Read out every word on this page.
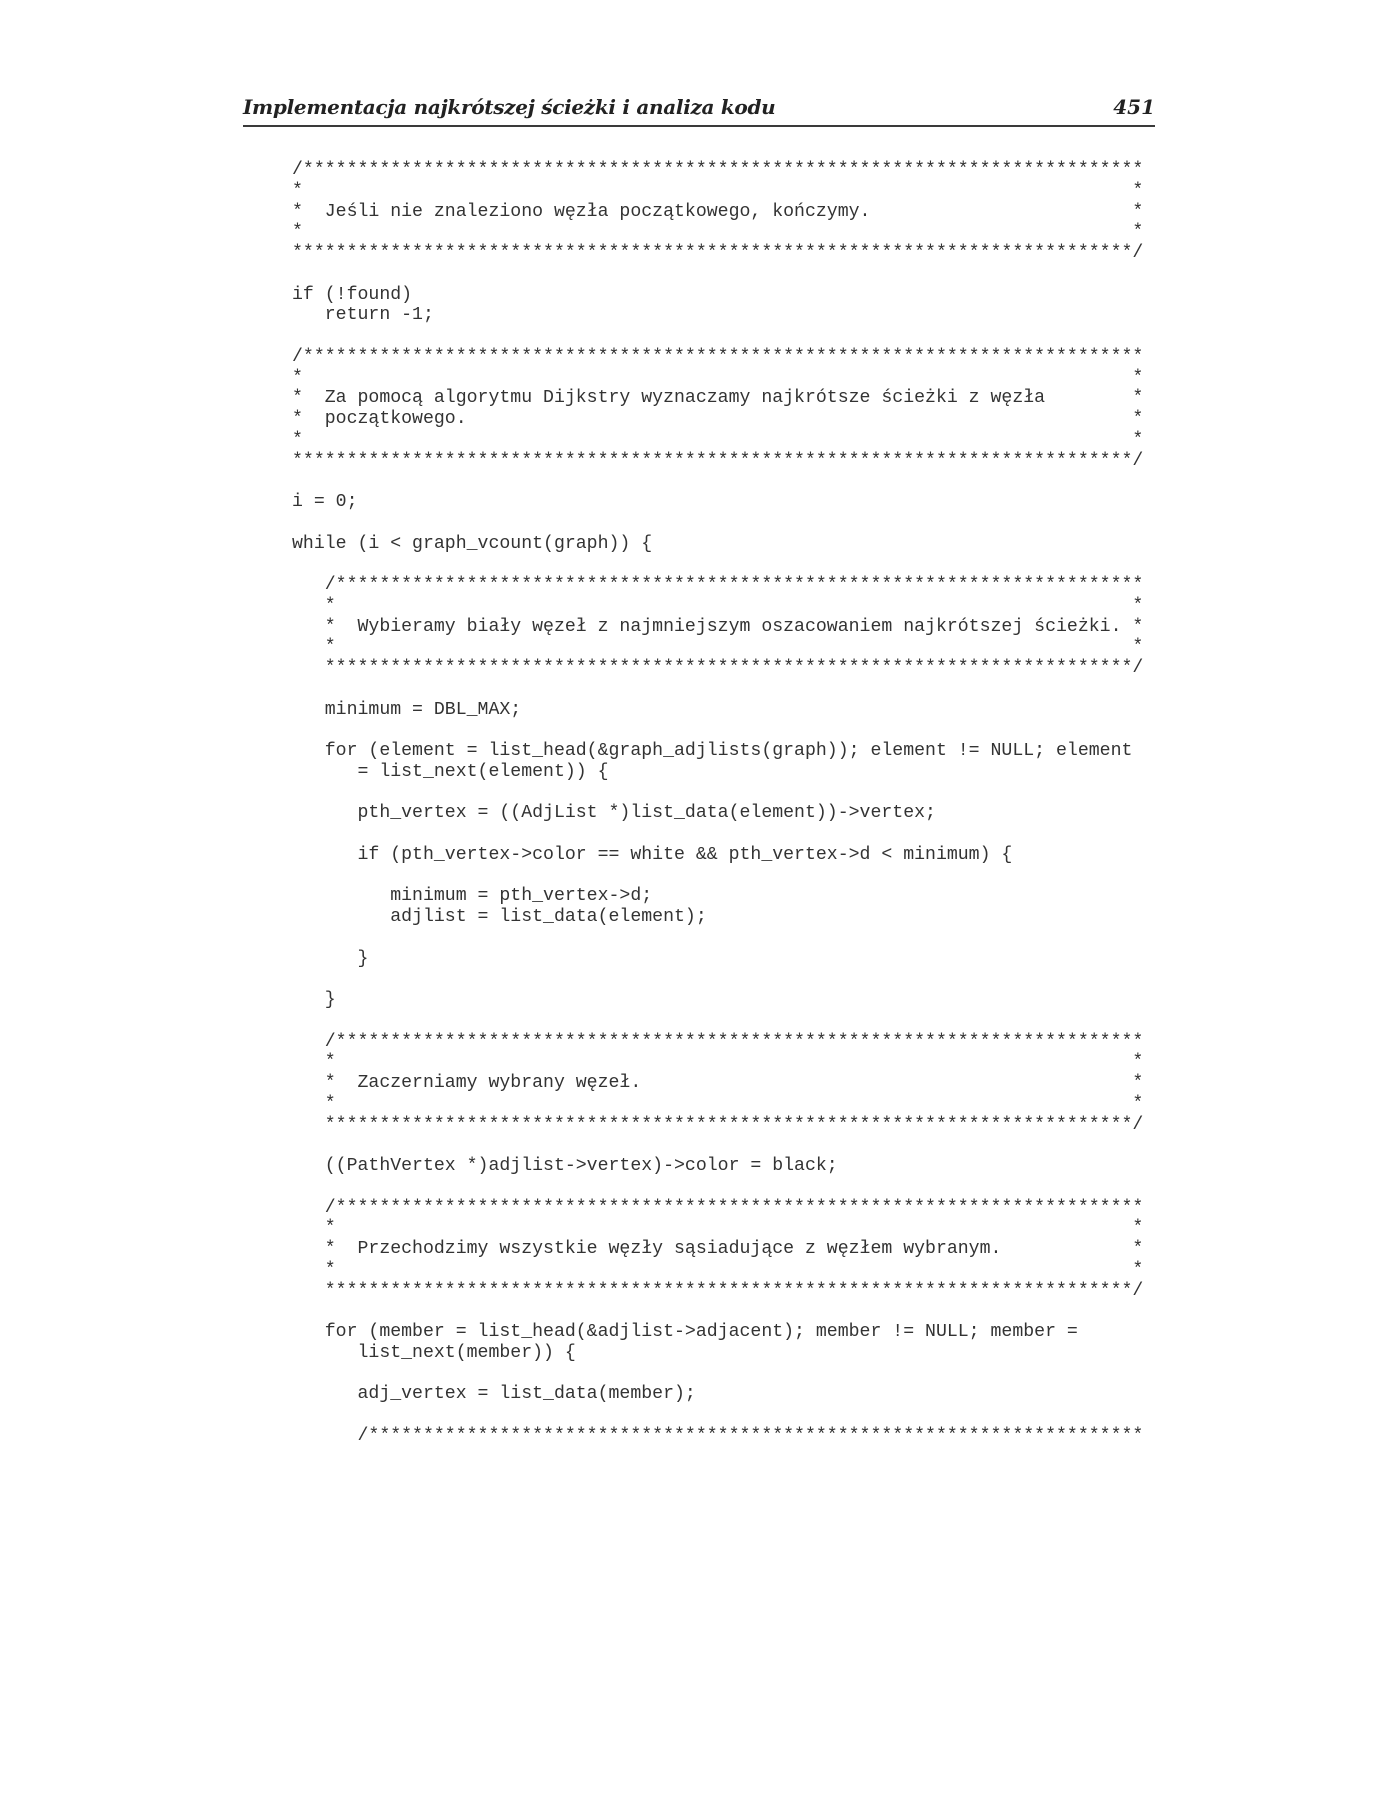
Implementacja najkrótszej ścieżki i analiza kodu	451
/*****************************************************************************
*                                                                            *
*  Jeśli nie znaleziono węzła początkowego, kończymy.                        *
*                                                                            *
*****************************************************************************/
if (!found)
return -1;
/*****************************************************************************
*                                                                            *
*  Za pomocą algorytmu Dijkstry wyznaczamy najkrótsze ścieżki z węzła        *
*  początkowego.                                                             *
*                                                                            *
*****************************************************************************/
i = 0;
while (i < graph_vcount(graph)) {
/**************************************************************************
*                                                                         *
*  Wybieramy biały węzeł z najmniejszym oszacowaniem najkrótszej ścieżki. *
*                                                                         *
**************************************************************************/
minimum = DBL_MAX;
for (element = list_head(&graph_adjlists(graph)); element != NULL; element
= list_next(element)) {
pth_vertex = ((AdjList *)list_data(element))->vertex;
if (pth_vertex->color == white && pth_vertex->d < minimum) {
minimum = pth_vertex->d;
adjlist = list_data(element);
}
}
/**************************************************************************
*                                                                         *
*  Zaczerniamy wybrany węzeł.                                             *
*                                                                         *
**************************************************************************/
((PathVertex *)adjlist->vertex)->color = black;
/**************************************************************************
*                                                                         *
*  Przechodzimy wszystkie węzły sąsiadujące z węzłem wybranym.            *
*                                                                         *
**************************************************************************/
for (member = list_head(&adjlist->adjacent); member != NULL; member =
list_next(member)) {
adj_vertex = list_data(member);
/***********************************************************************
